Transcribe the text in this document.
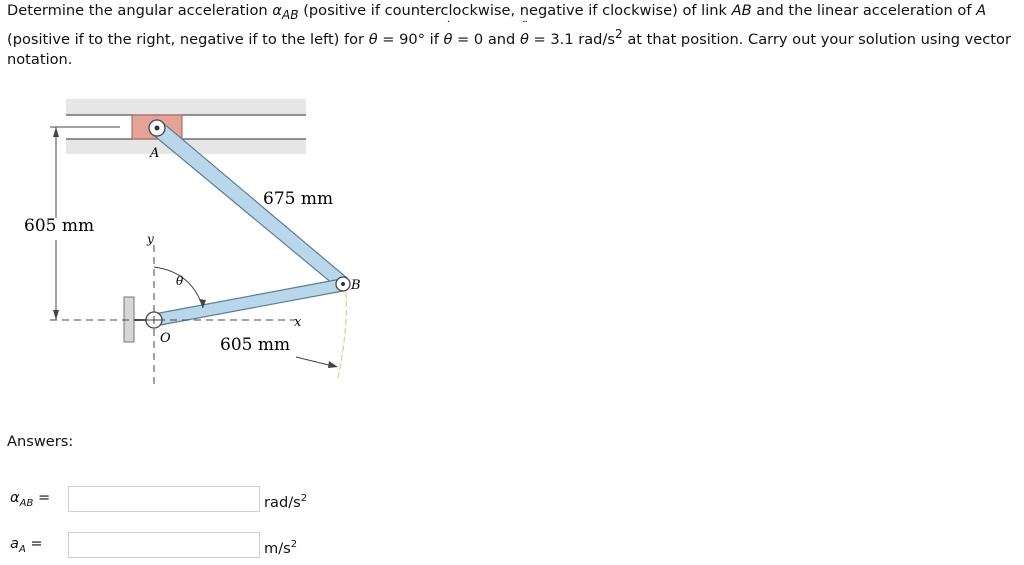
Determine the angular acceleration $\alpha_{AB}$ (positive if counterclockwise, negative if clockwise) of link AB and the linear acceleration of A (positive if to the right, negative if to the left) for θ = 90° if
˙
θ = 0 and
¨
θ = 3.1 rad/$s^2$ at that position. Carry out your solution using vector notation.

A
B
O
x
y
θ
675 mm
605 mm
605 mm
Answers:
$\alpha_{AB}$ =	rad/$s^2$
$a_A$ =	$m/s^2$
